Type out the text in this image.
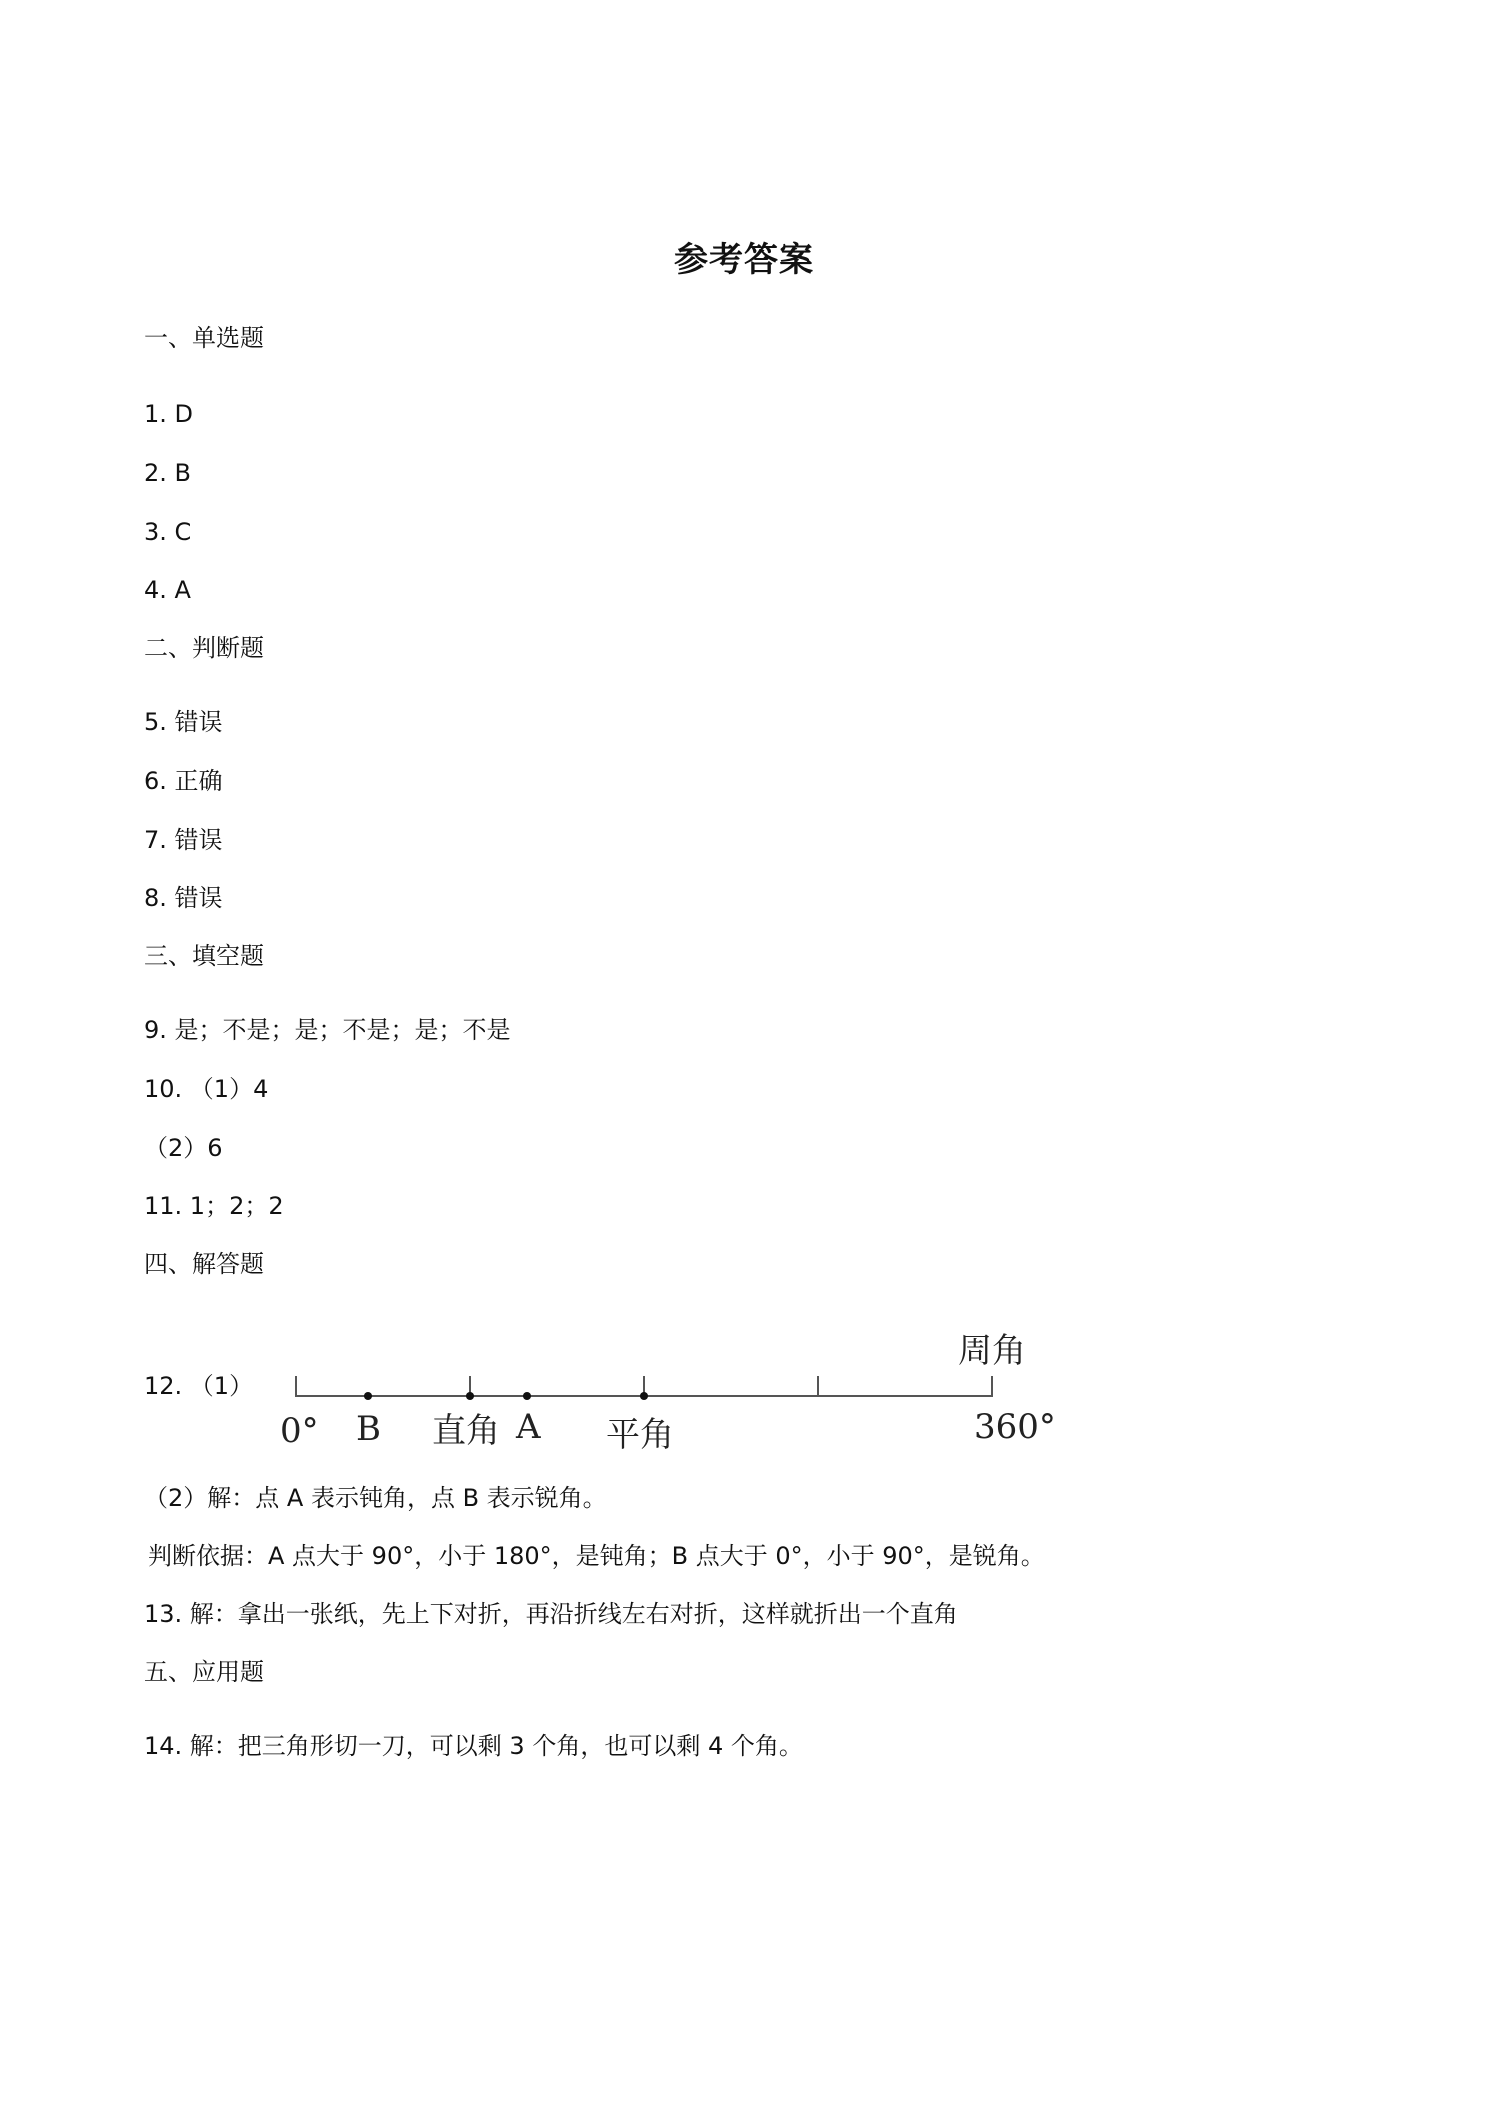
参考答案
一、单选题
1. D
2. B
3. C
4. A
二、判断题
5. 错误
6. 正确
7. 错误
8. 错误
三、填空题
9. 是；不是；是；不是；是；不是
10. （1）4
（2）6
11. 1；2；2
四、解答题
12. （1）
0° B 直角 A 平角
周角
360°
（2）解：点 A 表示钝角，点 B 表示锐角。
判断依据：A 点大于 90°，小于 180°，是钝角；B 点大于 0°，小于 90°，是锐角。
13. 解：拿出一张纸，先上下对折，再沿折线左右对折，这样就折出一个直角
五、应用题
14. 解：把三角形切一刀，可以剩 3 个角，也可以剩 4 个角。
